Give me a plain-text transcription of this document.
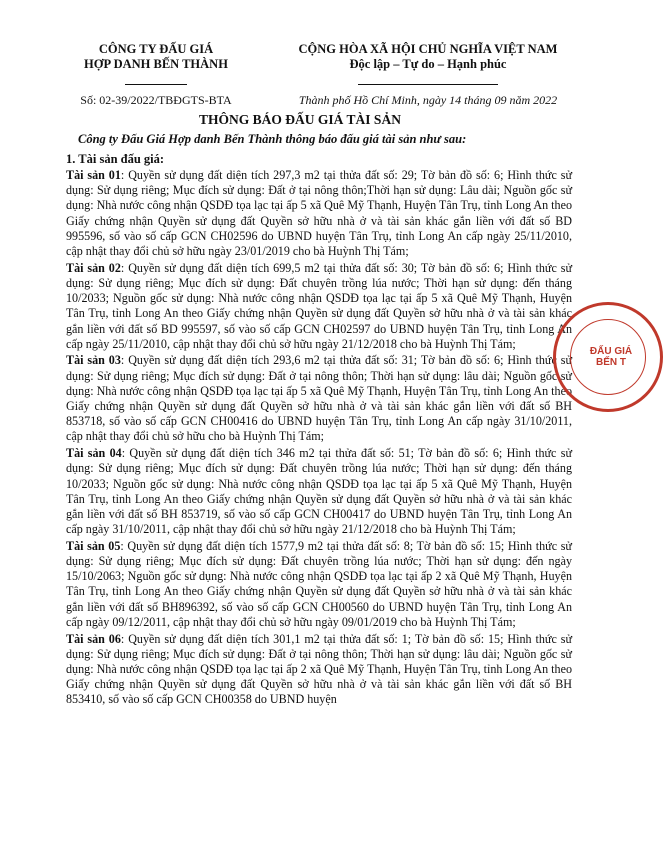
CÔNG TY ĐẤU GIÁ
HỢP DANH BẾN THÀNH
Số: 02-39/2022/TBĐGTS-BTA
CỘNG HÒA XÃ HỘI CHỦ NGHĨA VIỆT NAM
Độc lập – Tự do – Hạnh phúc
Thành phố Hồ Chí Minh, ngày 14 tháng 09 năm 2022
THÔNG BÁO ĐẤU GIÁ TÀI SẢN
Công ty Đấu Giá Hợp danh Bến Thành thông báo đấu giá tài sản như sau:
1. Tài sản đấu giá:

Tài sản 01: Quyền sử dụng đất diện tích 297,3 m2 tại thửa đất số: 29; Tờ bản đồ số: 6; Hình thức sử dụng: Sử dụng riêng; Mục đích sử dụng: Đất ở tại nông thôn;Thời hạn sử dụng: Lâu dài; Nguồn gốc sử dụng: Nhà nước công nhận QSDĐ tọa lạc tại ấp 5 xã Quê Mỹ Thạnh, Huyện Tân Trụ, tỉnh Long An theo Giấy chứng nhận Quyền sử dụng đất Quyền sở hữu nhà ở và tài sản khác gắn liền với đất số BD 995596, số vào số cấp GCN CH02596 do UBND huyện Tân Trụ, tỉnh Long An cấp ngày 25/11/2010, cập nhật thay đổi chủ sở hữu ngày 23/01/2019 cho bà Huỳnh Thị Tám;

Tài sản 02: Quyền sử dụng đất diện tích 699,5 m2 tại thửa đất số: 30; Tờ bản đồ số: 6; Hình thức sử dụng: Sử dụng riêng; Mục đích sử dụng: Đất chuyên trồng lúa nước; Thời hạn sử dụng: đến tháng 10/2033; Nguồn gốc sử dụng: Nhà nước công nhận QSDĐ tọa lạc tại ấp 5 xã Quê Mỹ Thạnh, Huyện Tân Trụ, tỉnh Long An theo Giấy chứng nhận Quyền sử dụng đất Quyền sở hữu nhà ở và tài sản khác gắn liền với đất số BD 995597, số vào số cấp GCN CH02597 do UBND huyện Tân Trụ, tỉnh Long An cấp ngày 25/11/2010, cập nhật thay đổi chủ sở hữu ngày 21/12/2018 cho bà Huỳnh Thị Tám;

Tài sản 03: Quyền sử dụng đất diện tích 293,6 m2 tại thửa đất số: 31; Tờ bản đồ số: 6; Hình thức sử dụng: Sử dụng riêng; Mục đích sử dụng: Đất ở tại nông thôn; Thời hạn sử dụng: lâu dài; Nguồn gốc sử dụng: Nhà nước công nhận QSDĐ tọa lạc tại ấp 5 xã Quê Mỹ Thạnh, Huyện Tân Trụ, tỉnh Long An theo Giấy chứng nhận Quyền sử dụng đất Quyền sở hữu nhà ở và tài sản khác gắn liền với đất số BH 853718, số vào số cấp GCN CH00416 do UBND huyện Tân Trụ, tỉnh Long An cấp ngày 31/10/2011, cập nhật thay đổi chủ sở hữu cho bà Huỳnh Thị Tám;

Tài sản 04: Quyền sử dụng đất diện tích 346 m2 tại thửa đất số: 51; Tờ bản đồ số: 6; Hình thức sử dụng: Sử dụng riêng; Mục đích sử dụng: Đất chuyên trồng lúa nước; Thời hạn sử dụng: đến tháng 10/2033; Nguồn gốc sử dụng: Nhà nước công nhận QSDĐ tọa lạc tại ấp 5 xã Quê Mỹ Thạnh, Huyện Tân Trụ, tỉnh Long An theo Giấy chứng nhận Quyền sử dụng đất Quyền sở hữu nhà ở và tài sản khác gắn liền với đất số BH 853719, số vào số cấp GCN CH00417 do UBND huyện Tân Trụ, tỉnh Long An cấp ngày 31/10/2011, cập nhật thay đổi chủ sở hữu ngày 21/12/2018 cho bà Huỳnh Thị Tám;

Tài sản 05: Quyền sử dụng đất diện tích 1577,9 m2 tại thửa đất số: 8; Tờ bản đồ số: 15; Hình thức sử dụng: Sử dụng riêng; Mục đích sử dụng: Đất chuyên trồng lúa nước; Thời hạn sử dụng: đến ngày 15/10/2063; Nguồn gốc sử dụng: Nhà nước công nhận QSDĐ tọa lạc tại ấp 2 xã Quê Mỹ Thạnh, Huyện Tân Trụ, tỉnh Long An theo Giấy chứng nhận Quyền sử dụng đất Quyền sở hữu nhà ở và tài sản khác gắn liền với đất số BH896392, số vào số cấp GCN CH00560 do UBND huyện Tân Trụ, tỉnh Long An cấp ngày 09/12/2011, cập nhật thay đổi chủ sở hữu ngày 09/01/2019 cho bà Huỳnh Thị Tám;

Tài sản 06: Quyền sử dụng đất diện tích 301,1 m2 tại thửa đất số: 1; Tờ bản đồ số: 15; Hình thức sử dụng: Sử dụng riêng; Mục đích sử dụng: Đất ở tại nông thôn; Thời hạn sử dụng: lâu dài; Nguồn gốc sử dụng: Nhà nước công nhận QSDĐ tọa lạc tại ấp 2 xã Quê Mỹ Thạnh, Huyện Tân Trụ, tỉnh Long An theo Giấy chứng nhận Quyền sử dụng đất Quyền sở hữu nhà ở và tài sản khác gắn liền với đất số BH 853410, số vào số cấp GCN CH00358 do UBND huyện

ĐẤU GIÁ BẾN T
